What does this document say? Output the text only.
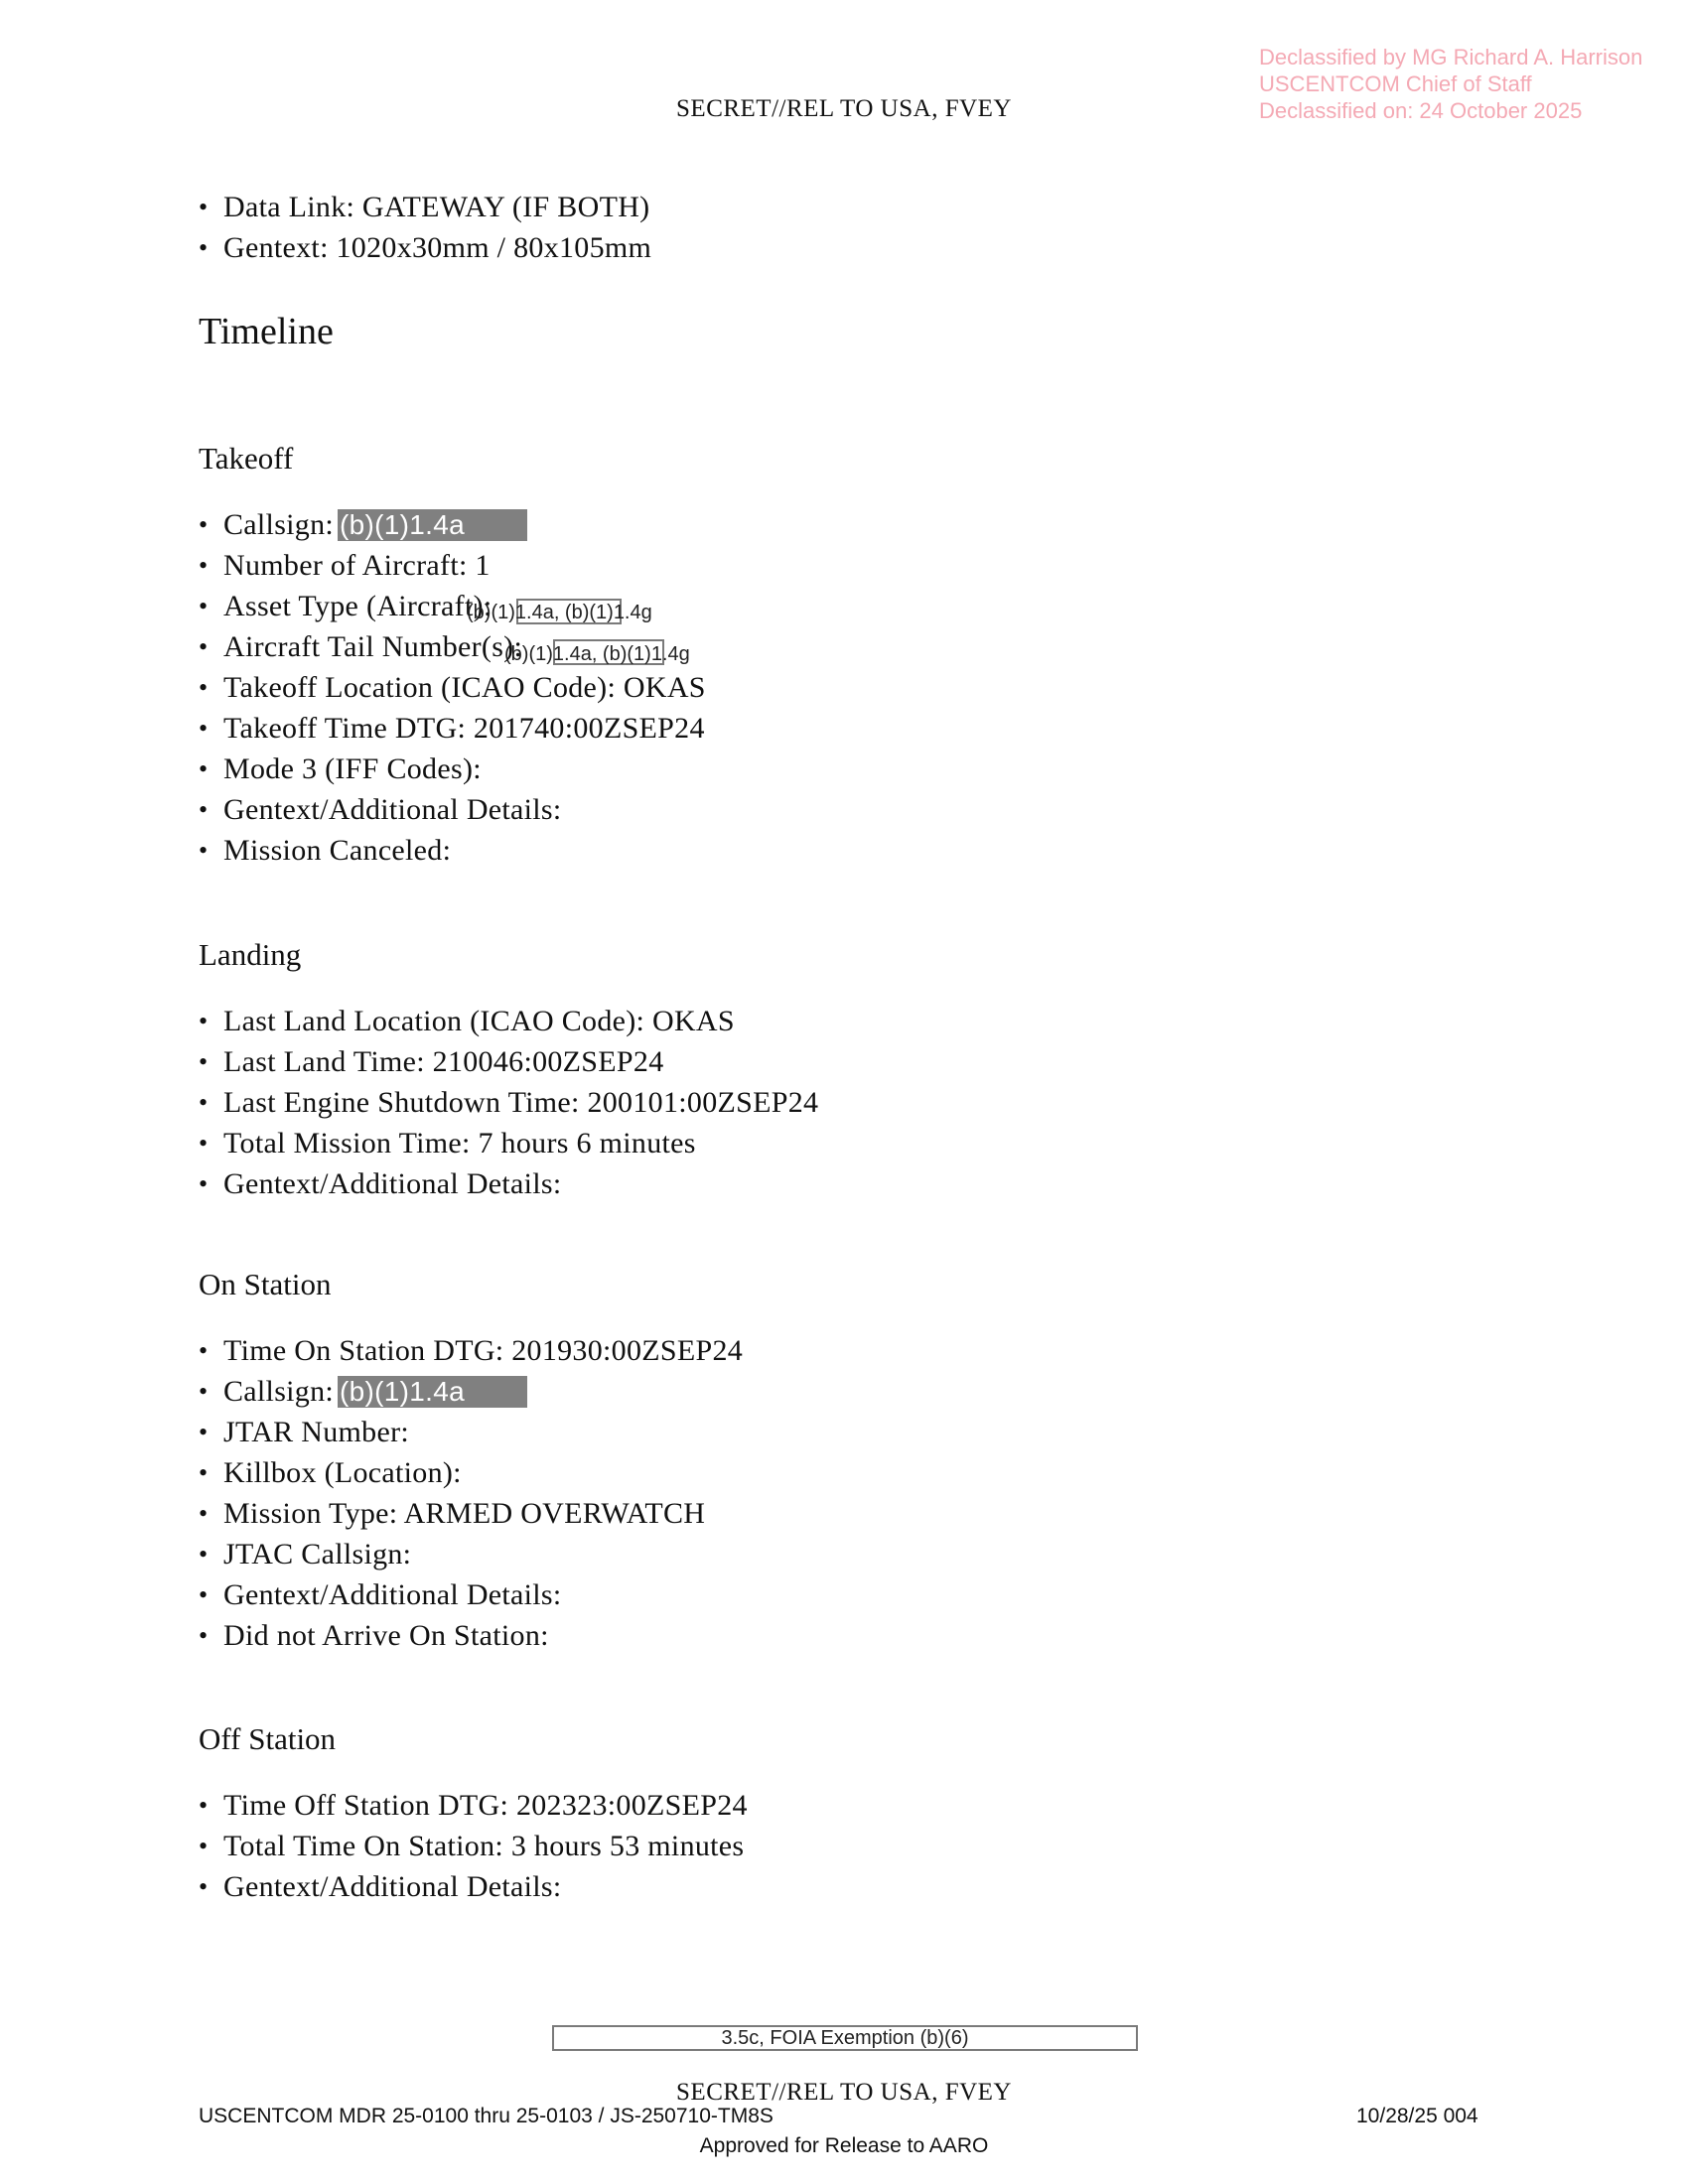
Declassified by MG Richard A. Harrison
USCENTCOM Chief of Staff
Declassified on: 24 October 2025
SECRET//REL TO USA, FVEY
• Data Link: GATEWAY (IF BOTH)
• Gentext: 1020x30mm / 80x105mm
Timeline
Takeoff
• Callsign: (b)(1)1.4a
• Number of Aircraft: 1
• Asset Type (Aircraft):
• Aircraft Tail Number(s):
• Takeoff Location (ICAO Code): OKAS
• Takeoff Time DTG: 201740:00ZSEP24
• Mode 3 (IFF Codes):
• Gentext/Additional Details:
• Mission Canceled:
(b)(1)1.4a, (b)(1)1.4g
(b)(1)1.4a, (b)(1)1.4g
Landing
• Last Land Location (ICAO Code): OKAS
• Last Land Time: 210046:00ZSEP24
• Last Engine Shutdown Time: 200101:00ZSEP24
• Total Mission Time: 7 hours 6 minutes
• Gentext/Additional Details:
On Station
• Time On Station DTG: 201930:00ZSEP24
• Callsign: (b)(1)1.4a
• JTAR Number:
• Killbox (Location):
• Mission Type: ARMED OVERWATCH
• JTAC Callsign:
• Gentext/Additional Details:
• Did not Arrive On Station:
Off Station
• Time Off Station DTG: 202323:00ZSEP24
• Total Time On Station: 3 hours 53 minutes
• Gentext/Additional Details:
3.5c, FOIA Exemption (b)(6)
SECRET//REL TO USA, FVEY
USCENTCOM MDR 25-0100 thru 25-0103 / JS-250710-TM8S	10/28/25 004
Approved for Release to AARO
